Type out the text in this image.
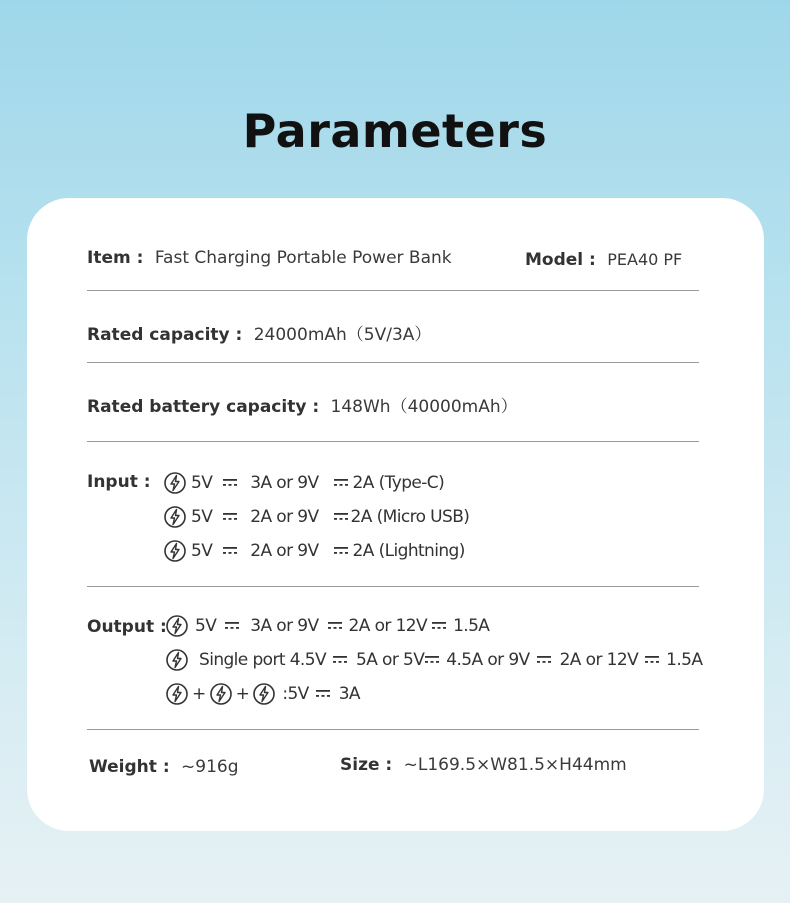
Parameters
Item : Fast Charging Portable Power Bank	Model : PEA40 PF
Rated capacity : 24000mAh（5V/3A）
Rated battery capacity : 148Wh（40000mAh）
Input : 5V 3A or 9V 2A (Type-C)
5V 2A or 9V 2A (Micro USB)
5V 2A or 9V 2A (Lightning)
Output : 5V 3A or 9V 2A or 12V 1.5A
Single port 4.5V 5A or 5V 4.5A or 9V 2A or 12V 1.5A
+ + :5V 3A
Weight : ~916g	Size : ~L169.5×W81.5×H44mm
